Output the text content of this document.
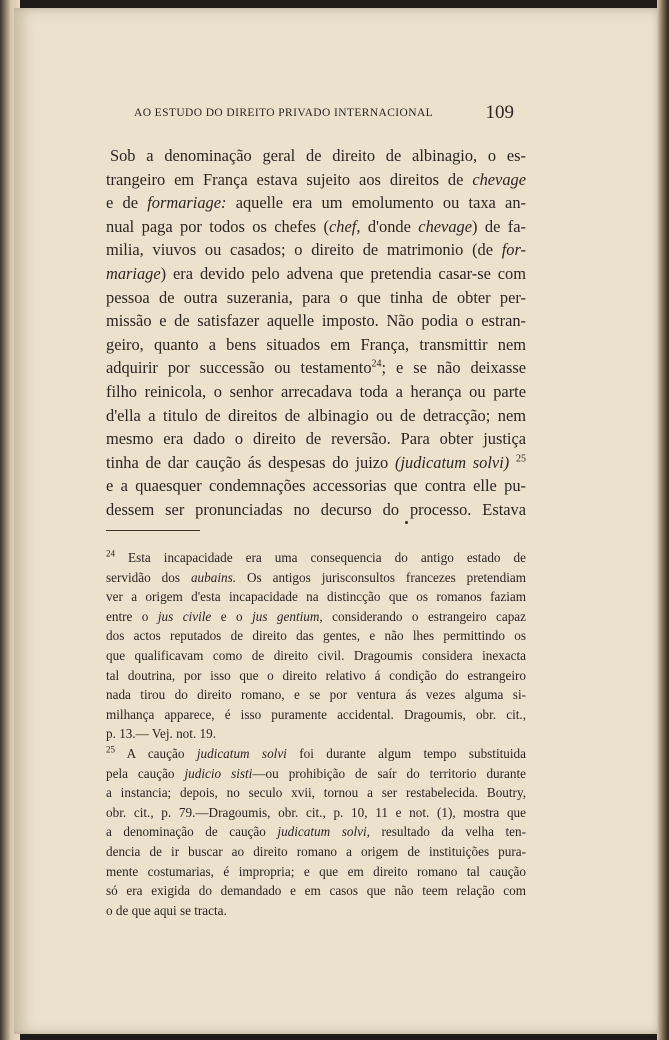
AO ESTUDO DO DIREITO PRIVADO INTERNACIONAL	109
Sob a denominação geral de direito de albinagio, o es-
trangeiro em França estava sujeito aos direitos de chevage
e de formariage: aquelle era um emolumento ou taxa an-
nual paga por todos os chefes (chef, d'onde chevage) de fa-
milia, viuvos ou casados; o direito de matrimonio (de for-
mariage) era devido pelo advena que pretendia casar-se com
pessoa de outra suzerania, para o que tinha de obter per-
missão e de satisfazer aquelle imposto. Não podia o estran-
geiro, quanto a bens situados em França, transmittir nem
adquirir por successão ou testamento$^{24}$; e se não deixasse
filho reinicola, o senhor arrecadava toda a herança ou parte
d'ella a titulo de direitos de albinagio ou de detracção; nem
mesmo era dado o direito de reversão. Para obter justiça
tinha de dar caução ás despesas do juizo (judicatum solvi) $^{25}$
e a quaesquer condemnações accessorias que contra elle pu-
dessem ser pronunciadas no decurso do processo. Estava
$^{24}$ Esta incapacidade era uma consequencia do antigo estado de
servidão dos aubains. Os antigos jurisconsultos francezes pretendiam
ver a origem d'esta incapacidade na distincção que os romanos faziam
entre o jus civile e o jus gentium, considerando o estrangeiro capaz
dos actos reputados de direito das gentes, e não lhes permittindo os
que qualificavam como de direito civil. Dragoumis considera inexacta
tal doutrina, por isso que o direito relativo á condição do estrangeiro
nada tirou do direito romano, e se por ventura ás vezes alguma si-
milhança apparece, é isso puramente accidental. Dragoumis, obr. cit.,
p. 13.— Vej. not. 19.
$^{25}$ A caução judicatum solvi foi durante algum tempo substituida
pela caução judicio sisti—ou prohibição de saír do territorio durante
a instancia; depois, no seculo xvii, tornou a ser restabelecida. Boutry,
obr. cit., p. 79.—Dragoumis, obr. cit., p. 10, 11 e not. (1), mostra que
a denominação de caução judicatum solvi, resultado da velha ten-
dencia de ir buscar ao direito romano a origem de instituições pura-
mente costumarias, é impropria; e que em direito romano tal caução
só era exigida do demandado e em casos que não teem relação com
o de que aqui se tracta.
